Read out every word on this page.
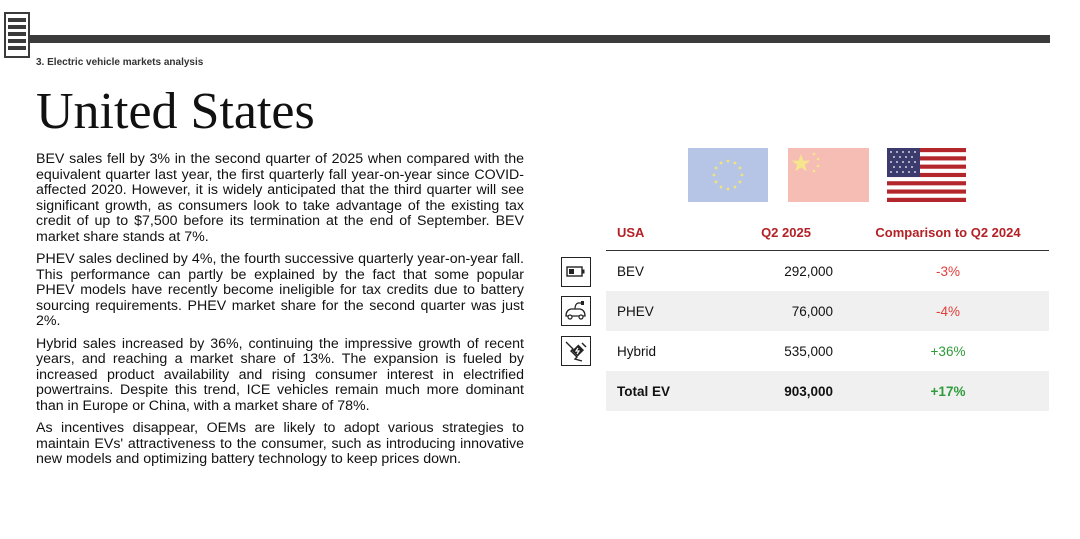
3. Electric vehicle markets analysis
United States

BEV sales fell by 3% in the second quarter of 2025 when compared with the equivalent quarter last year, the first quarterly fall year-on-year since COVID-affected 2020. However, it is widely anticipated that the third quarter will see significant growth, as consumers look to take advantage of the existing tax credit of up to $7,500 before its termination at the end of September. BEV market share stands at 7%.

PHEV sales declined by 4%, the fourth successive quarterly year-on-year fall. This performance can partly be explained by the fact that some popular PHEV models have recently become ineligible for tax credits due to battery sourcing requirements. PHEV market share for the second quarter was just 2%.

Hybrid sales increased by 36%, continuing the impressive growth of recent years, and reaching a market share of 13%. The expansion is fueled by increased product availability and rising consumer interest in electrified powertrains. Despite this trend, ICE vehicles remain much more dominant than in Europe or China, with a market share of 78%.

As incentives disappear, OEMs are likely to adopt various strategies to maintain EVs' attractiveness to the consumer, such as introducing innovative new models and optimizing battery technology to keep prices down.

USA	Q2 2025	Comparison to Q2 2024
BEV	292,000	-3%
PHEV	76,000	-4%
Hybrid	535,000	+36%
Total EV	903,000	+17%
